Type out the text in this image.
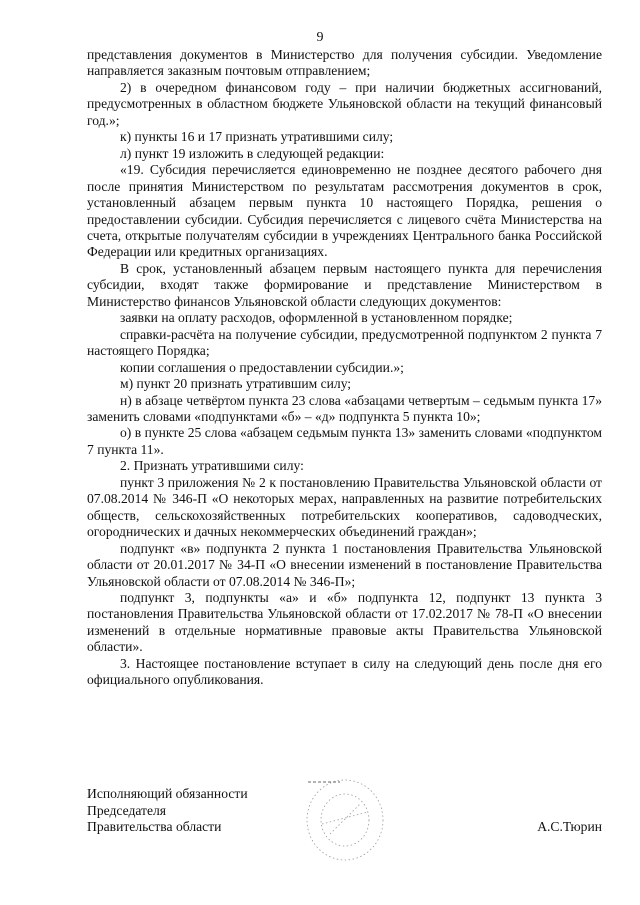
9

представления документов в Министерство для получения субсидии. Уведомление направляется заказным почтовым отправлением;

2) в очередном финансовом году – при наличии бюджетных ассигнований, предусмотренных в областном бюджете Ульяновской области на текущий финансовый год.»;

к) пункты 16 и 17 признать утратившими силу;

л) пункт 19 изложить в следующей редакции:

«19. Субсидия перечисляется единовременно не позднее десятого рабочего дня после принятия Министерством по результатам рассмотрения документов в срок, установленный абзацем первым пункта 10 настоящего Порядка, решения о предоставлении субсидии. Субсидия перечисляется с лицевого счёта Министерства на счета, открытые получателям субсидии в учреждениях Центрального банка Российской Федерации или кредитных организациях.

В срок, установленный абзацем первым настоящего пункта для перечисления субсидии, входят также формирование и представление Министерством в Министерство финансов Ульяновской области следующих документов:

заявки на оплату расходов, оформленной в установленном порядке;

справки-расчёта на получение субсидии, предусмотренной подпунктом 2 пункта 7 настоящего Порядка;

копии соглашения о предоставлении субсидии.»;

м) пункт 20 признать утратившим силу;

н) в абзаце четвёртом пункта 23 слова «абзацами четвертым – седьмым пункта 17» заменить словами «подпунктами «б» – «д» подпункта 5 пункта 10»;

о) в пункте 25 слова «абзацем седьмым пункта 13» заменить словами «подпунктом 7 пункта 11».

2. Признать утратившими силу:

пункт 3 приложения № 2 к постановлению Правительства Ульяновской области от 07.08.2014 № 346-П «О некоторых мерах, направленных на развитие потребительских обществ, сельскохозяйственных потребительских кооперативов, садоводческих, огороднических и дачных некоммерческих объединений граждан»;

подпункт «в» подпункта 2 пункта 1 постановления Правительства Ульяновской области от 20.01.2017 № 34-П «О внесении изменений в постановление Правительства Ульяновской области от 07.08.2014 № 346-П»;

подпункт 3, подпункты «а» и «б» подпункта 12, подпункт 13 пункта 3 постановления Правительства Ульяновской области от 17.02.2017 № 78-П «О внесении изменений в отдельные нормативные правовые акты Правительства Ульяновской области».

3. Настоящее постановление вступает в силу на следующий день после дня его официального опубликования.

Исполняющий обязанности
Председателя
Правительства области	А.С.Тюрин
